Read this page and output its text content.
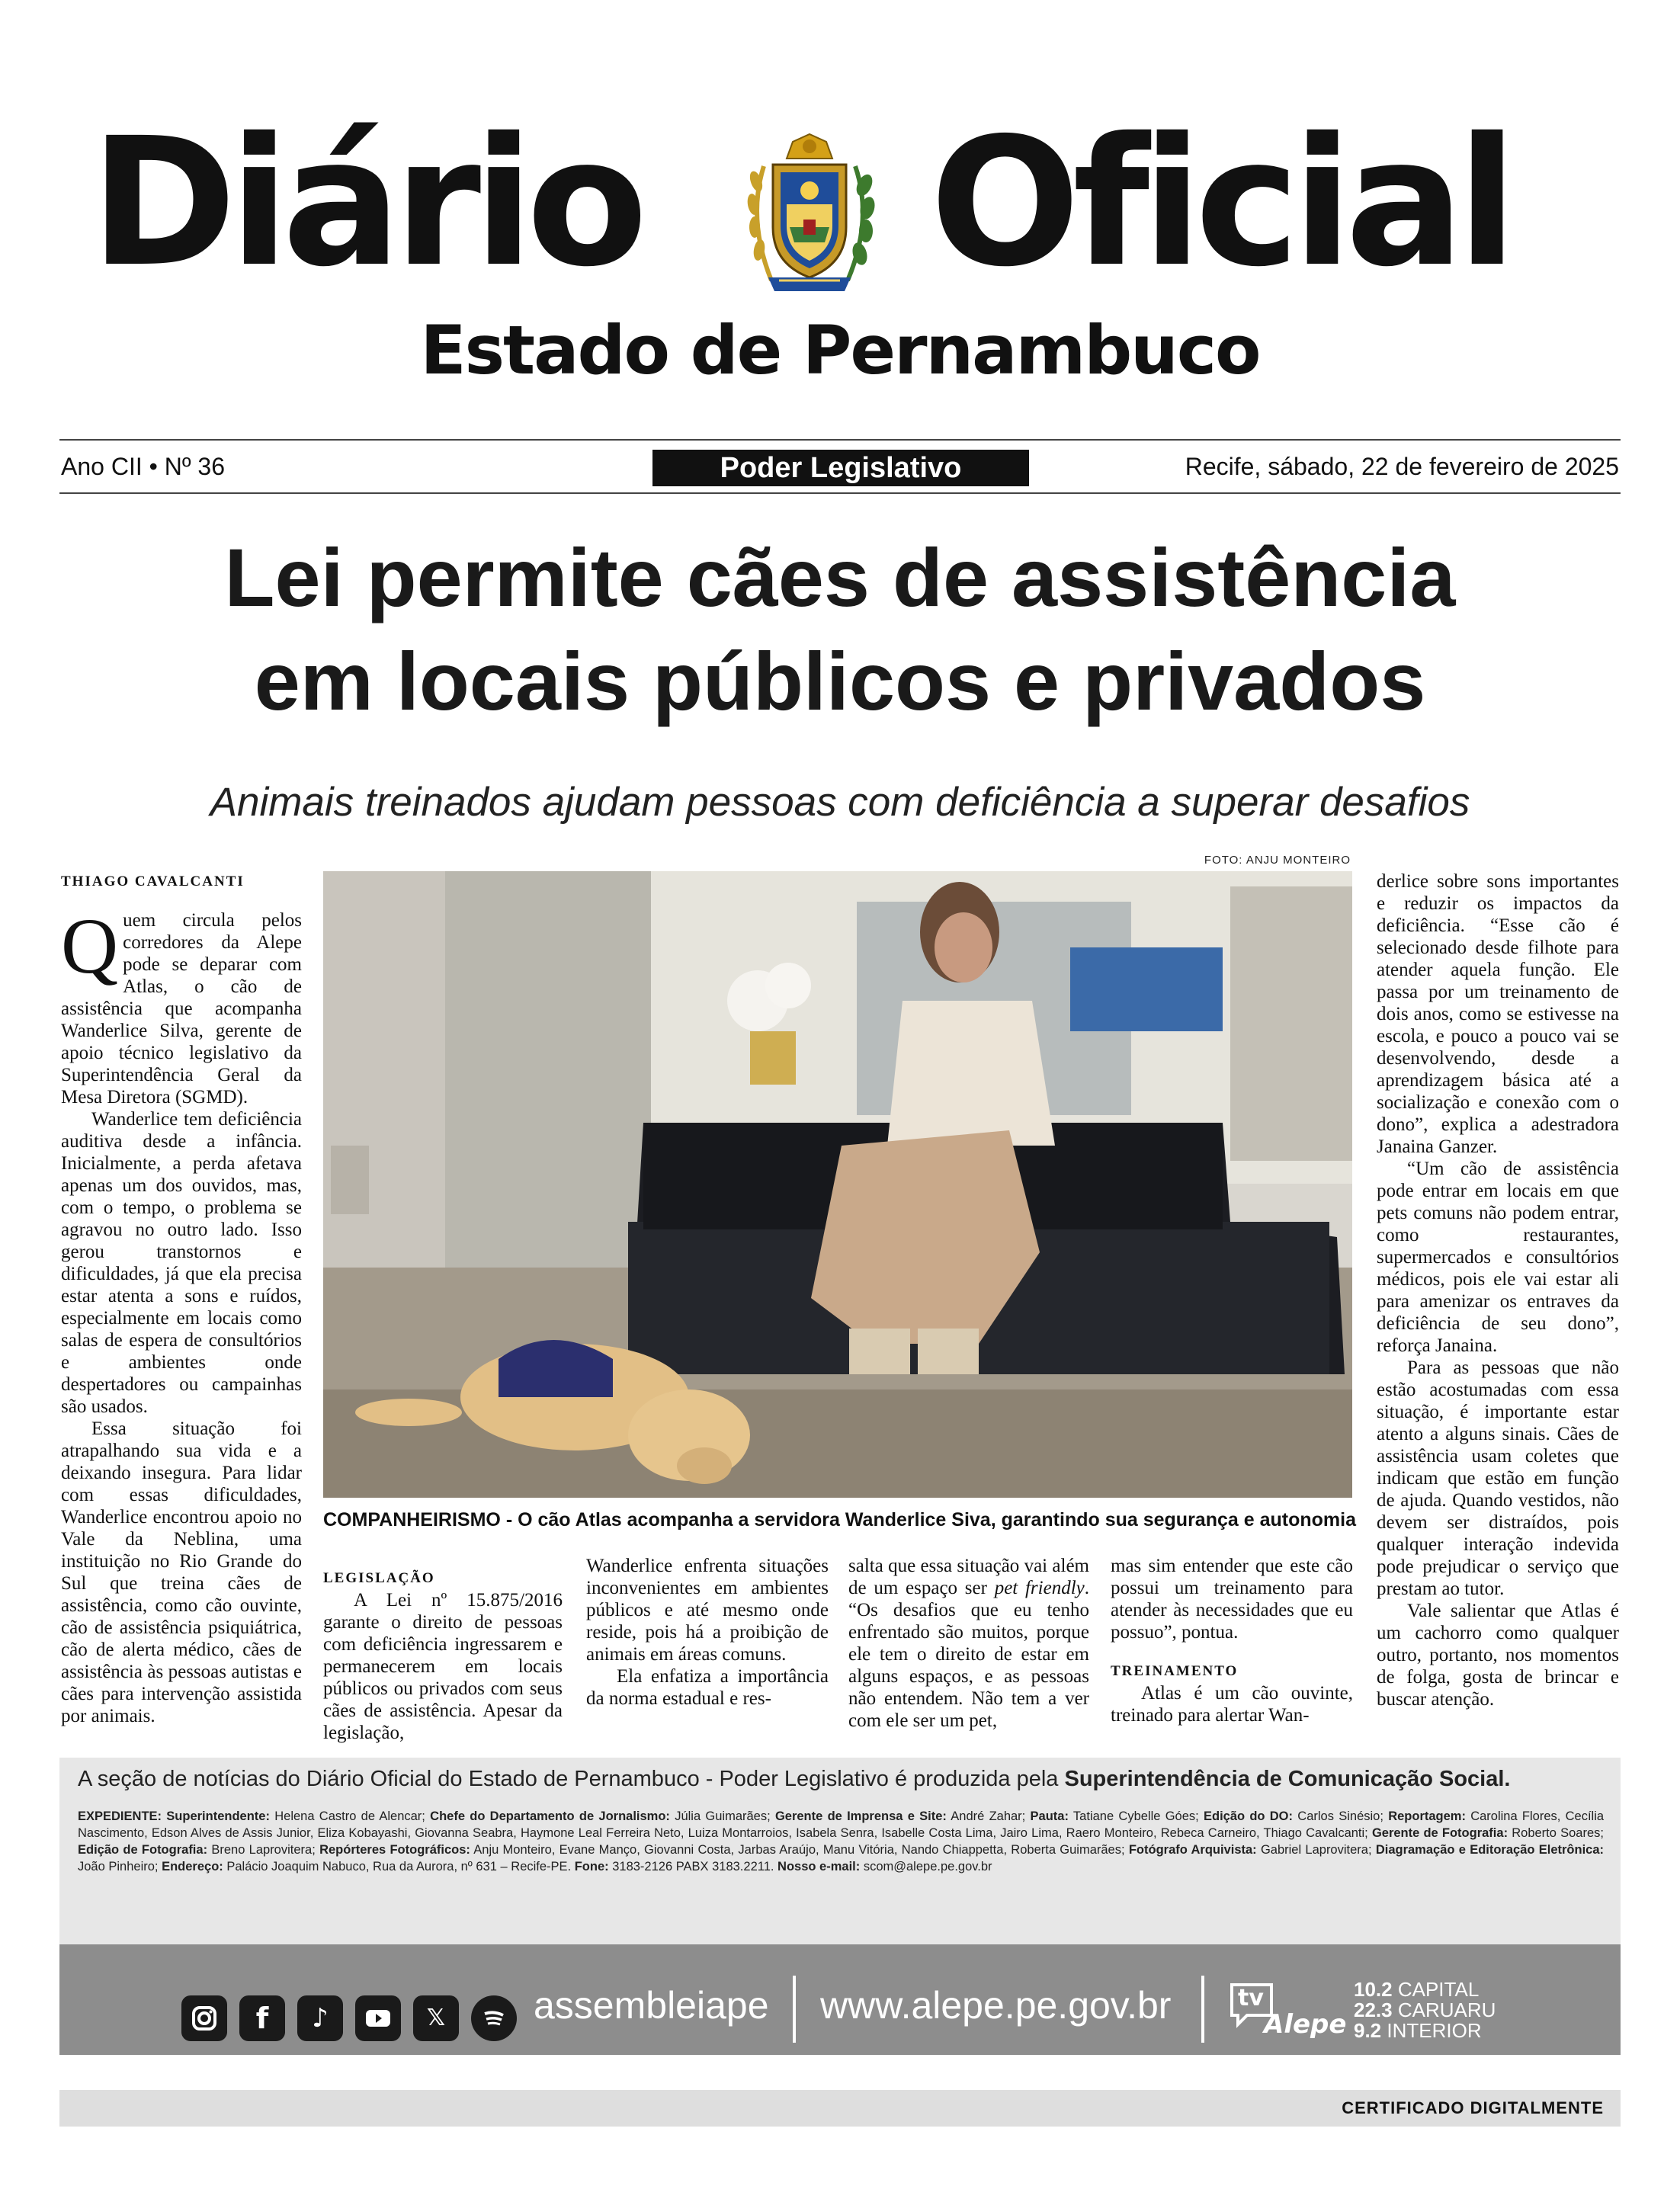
Diário Oficial
Estado de Pernambuco
Ano CII • Nº 36	Poder Legislativo	Recife, sábado, 22 de fevereiro de 2025
Lei permite cães de assistência
em locais públicos e privados
Animais treinados ajudam pessoas com deficiência a superar desafios

THIAGO CAVALCANTI

Quem circula pelos corredores da Alepe pode se deparar com Atlas, o cão de assistência que acompanha Wanderlice Silva, gerente de apoio técnico legislativo da Superintendência Geral da Mesa Diretora (SGMD).

Wanderlice tem deficiência auditiva desde a infância. Inicialmente, a perda afetava apenas um dos ouvidos, mas, com o tempo, o problema se agravou no outro lado. Isso gerou transtornos e dificuldades, já que ela precisa estar atenta a sons e ruídos, especialmente em locais como salas de espera de consultórios e ambientes onde despertadores ou campainhas são usados.

Essa situação foi atrapalhando sua vida e a deixando insegura. Para lidar com essas dificuldades, Wanderlice encontrou apoio no Vale da Neblina, uma instituição no Rio Grande do Sul que treina cães de assistência, como cão ouvinte, cão de assistência psiquiátrica, cão de alerta médico, cães de assistência às pessoas autistas e cães para intervenção assistida por animais.

FOTO: ANJU MONTEIRO
COMPANHEIRISMO - O cão Atlas acompanha a servidora Wanderlice Siva, garantindo sua segurança e autonomia

LEGISLAÇÃO

A Lei nº 15.875/2016 garante o direito de pessoas com deficiência ingressarem e permanecerem em locais públicos ou privados com seus cães de assistência. Apesar da legislação,

Wanderlice enfrenta situações inconvenientes em ambientes públicos e até mesmo onde reside, pois há a proibição de animais em áreas comuns.

Ela enfatiza a importância da norma estadual e res-

salta que essa situação vai além de um espaço ser pet friendly. “Os desafios que eu tenho enfrentado são muitos, porque ele tem o direito de estar em alguns espaços, e as pessoas não entendem. Não tem a ver com ele ser um pet,

mas sim entender que este cão possui um treinamento para atender às necessidades que eu possuo”, pontua.

TREINAMENTO

Atlas é um cão ouvinte, treinado para alertar Wan-

derlice sobre sons importantes e reduzir os impactos da deficiência. “Esse cão é selecionado desde filhote para atender aquela função. Ele passa por um treinamento de dois anos, como se estivesse na escola, e pouco a pouco vai se desenvolvendo, desde a aprendizagem básica até a socialização e conexão com o dono”, explica a adestradora Janaina Ganzer.

“Um cão de assistência pode entrar em locais em que pets comuns não podem entrar, como restaurantes, supermercados e consultórios médicos, pois ele vai estar ali para amenizar os entraves da deficiência de seu dono”, reforça Janaina.

Para as pessoas que não estão acostumadas com essa situação, é importante estar atento a alguns sinais. Cães de assistência usam coletes que indicam que estão em função de ajuda. Quando vestidos, não devem ser distraídos, pois qualquer interação indevida pode prejudicar o serviço que prestam ao tutor.

Vale salientar que Atlas é um cachorro como qualquer outro, portanto, nos momentos de folga, gosta de brincar e buscar atenção.

A seção de notícias do Diário Oficial do Estado de Pernambuco - Poder Legislativo é produzida pela Superintendência de Comunicação Social.
EXPEDIENTE: Superintendente: Helena Castro de Alencar; Chefe do Departamento de Jornalismo: Júlia Guimarães; Gerente de Imprensa e Site: André Zahar; Pauta: Tatiane Cybelle Góes; Edição do DO: Carlos Sinésio; Reportagem: Carolina Flores, Cecília Nascimento, Edson Alves de Assis Junior, Eliza Kobayashi, Giovanna Seabra, Haymone Leal Ferreira Neto, Luiza Montarroios, Isabela Senra, Isabelle Costa Lima, Jairo Lima, Raero Monteiro, Rebeca Carneiro, Thiago Cavalcanti; Gerente de Fotografia: Roberto Soares; Edição de Fotografia: Breno Laprovitera; Repórteres Fotográficos: Anju Monteiro, Evane Manço, Giovanni Costa, Jarbas Araújo, Manu Vitória, Nando Chiappetta, Roberta Guimarães; Fotógrafo Arquivista: Gabriel Laprovitera; Diagramação e Editoração Eletrônica: João Pinheiro; Endereço: Palácio Joaquim Nabuco, Rua da Aurora, nº 631 – Recife-PE. Fone: 3183-2126 PABX 3183.2211. Nosso e-mail: scom@alepe.pe.gov.br
f	♪	𝕏	assembleiape www.alepe.pe.gov.br	tv
Alepe
10.2 CAPITAL
22.3 CARUARU
9.2 INTERIOR
CERTIFICADO DIGITALMENTE
